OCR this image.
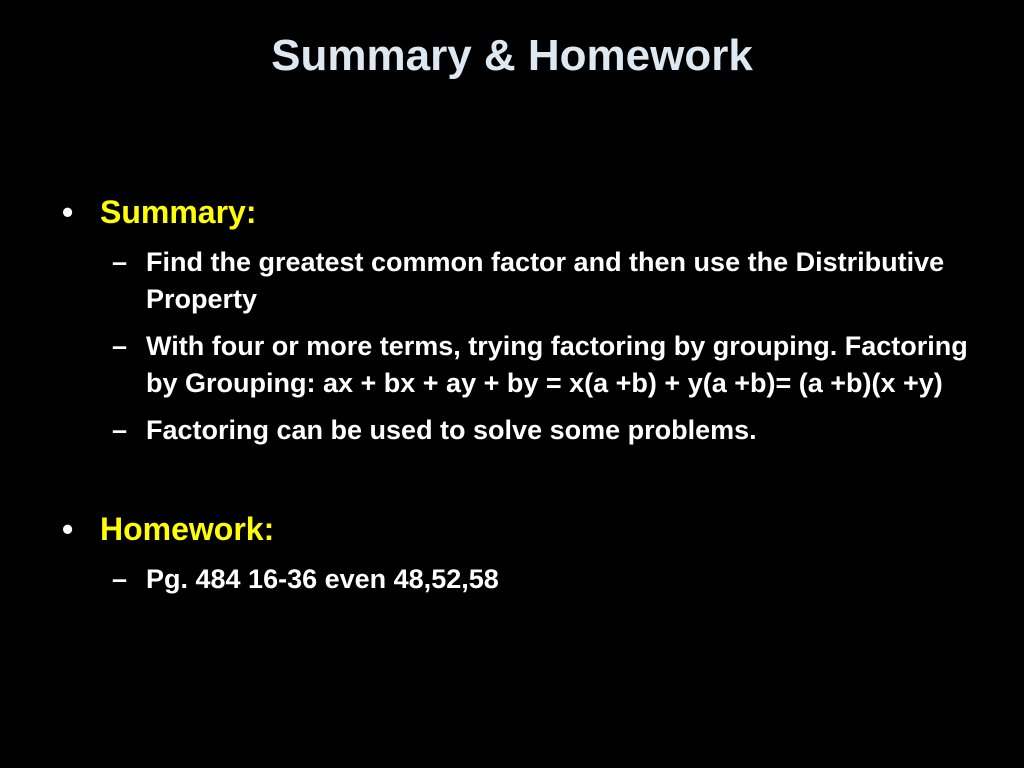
Summary & Homework
• Summary:
– Find the greatest common factor and then use the Distributive Property
– With four or more terms, trying factoring by grouping. Factoring by Grouping: ax + bx + ay + by = x(a +b) + y(a +b)= (a +b)(x +y)
– Factoring can be used to solve some problems.
• Homework:
– Pg. 484 16-36 even 48,52,58
